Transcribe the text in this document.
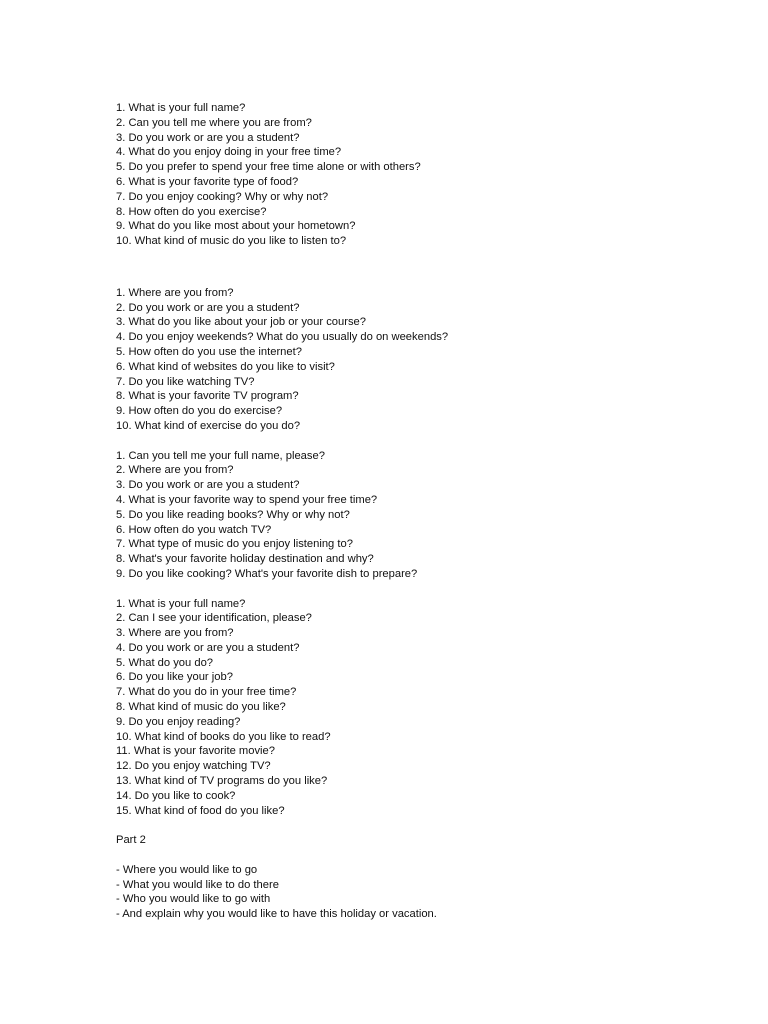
1. What is your full name?
2. Can you tell me where you are from?
3. Do you work or are you a student?
4. What do you enjoy doing in your free time?
5. Do you prefer to spend your free time alone or with others?
6. What is your favorite type of food?
7. Do you enjoy cooking? Why or why not?
8. How often do you exercise?
9. What do you like most about your hometown?
10. What kind of music do you like to listen to?
1. Where are you from?
2. Do you work or are you a student?
3. What do you like about your job or your course?
4. Do you enjoy weekends? What do you usually do on weekends?
5. How often do you use the internet?
6. What kind of websites do you like to visit?
7. Do you like watching TV?
8. What is your favorite TV program?
9. How often do you do exercise?
10. What kind of exercise do you do?
1. Can you tell me your full name, please?
2. Where are you from?
3. Do you work or are you a student?
4. What is your favorite way to spend your free time?
5. Do you like reading books? Why or why not?
6. How often do you watch TV?
7. What type of music do you enjoy listening to?
8. What's your favorite holiday destination and why?
9. Do you like cooking? What's your favorite dish to prepare?
1. What is your full name?
2. Can I see your identification, please?
3. Where are you from?
4. Do you work or are you a student?
5. What do you do?
6. Do you like your job?
7. What do you do in your free time?
8. What kind of music do you like?
9. Do you enjoy reading?
10. What kind of books do you like to read?
11. What is your favorite movie?
12. Do you enjoy watching TV?
13. What kind of TV programs do you like?
14. Do you like to cook?
15. What kind of food do you like?
Part 2
- Where you would like to go
- What you would like to do there
- Who you would like to go with
- And explain why you would like to have this holiday or vacation.
